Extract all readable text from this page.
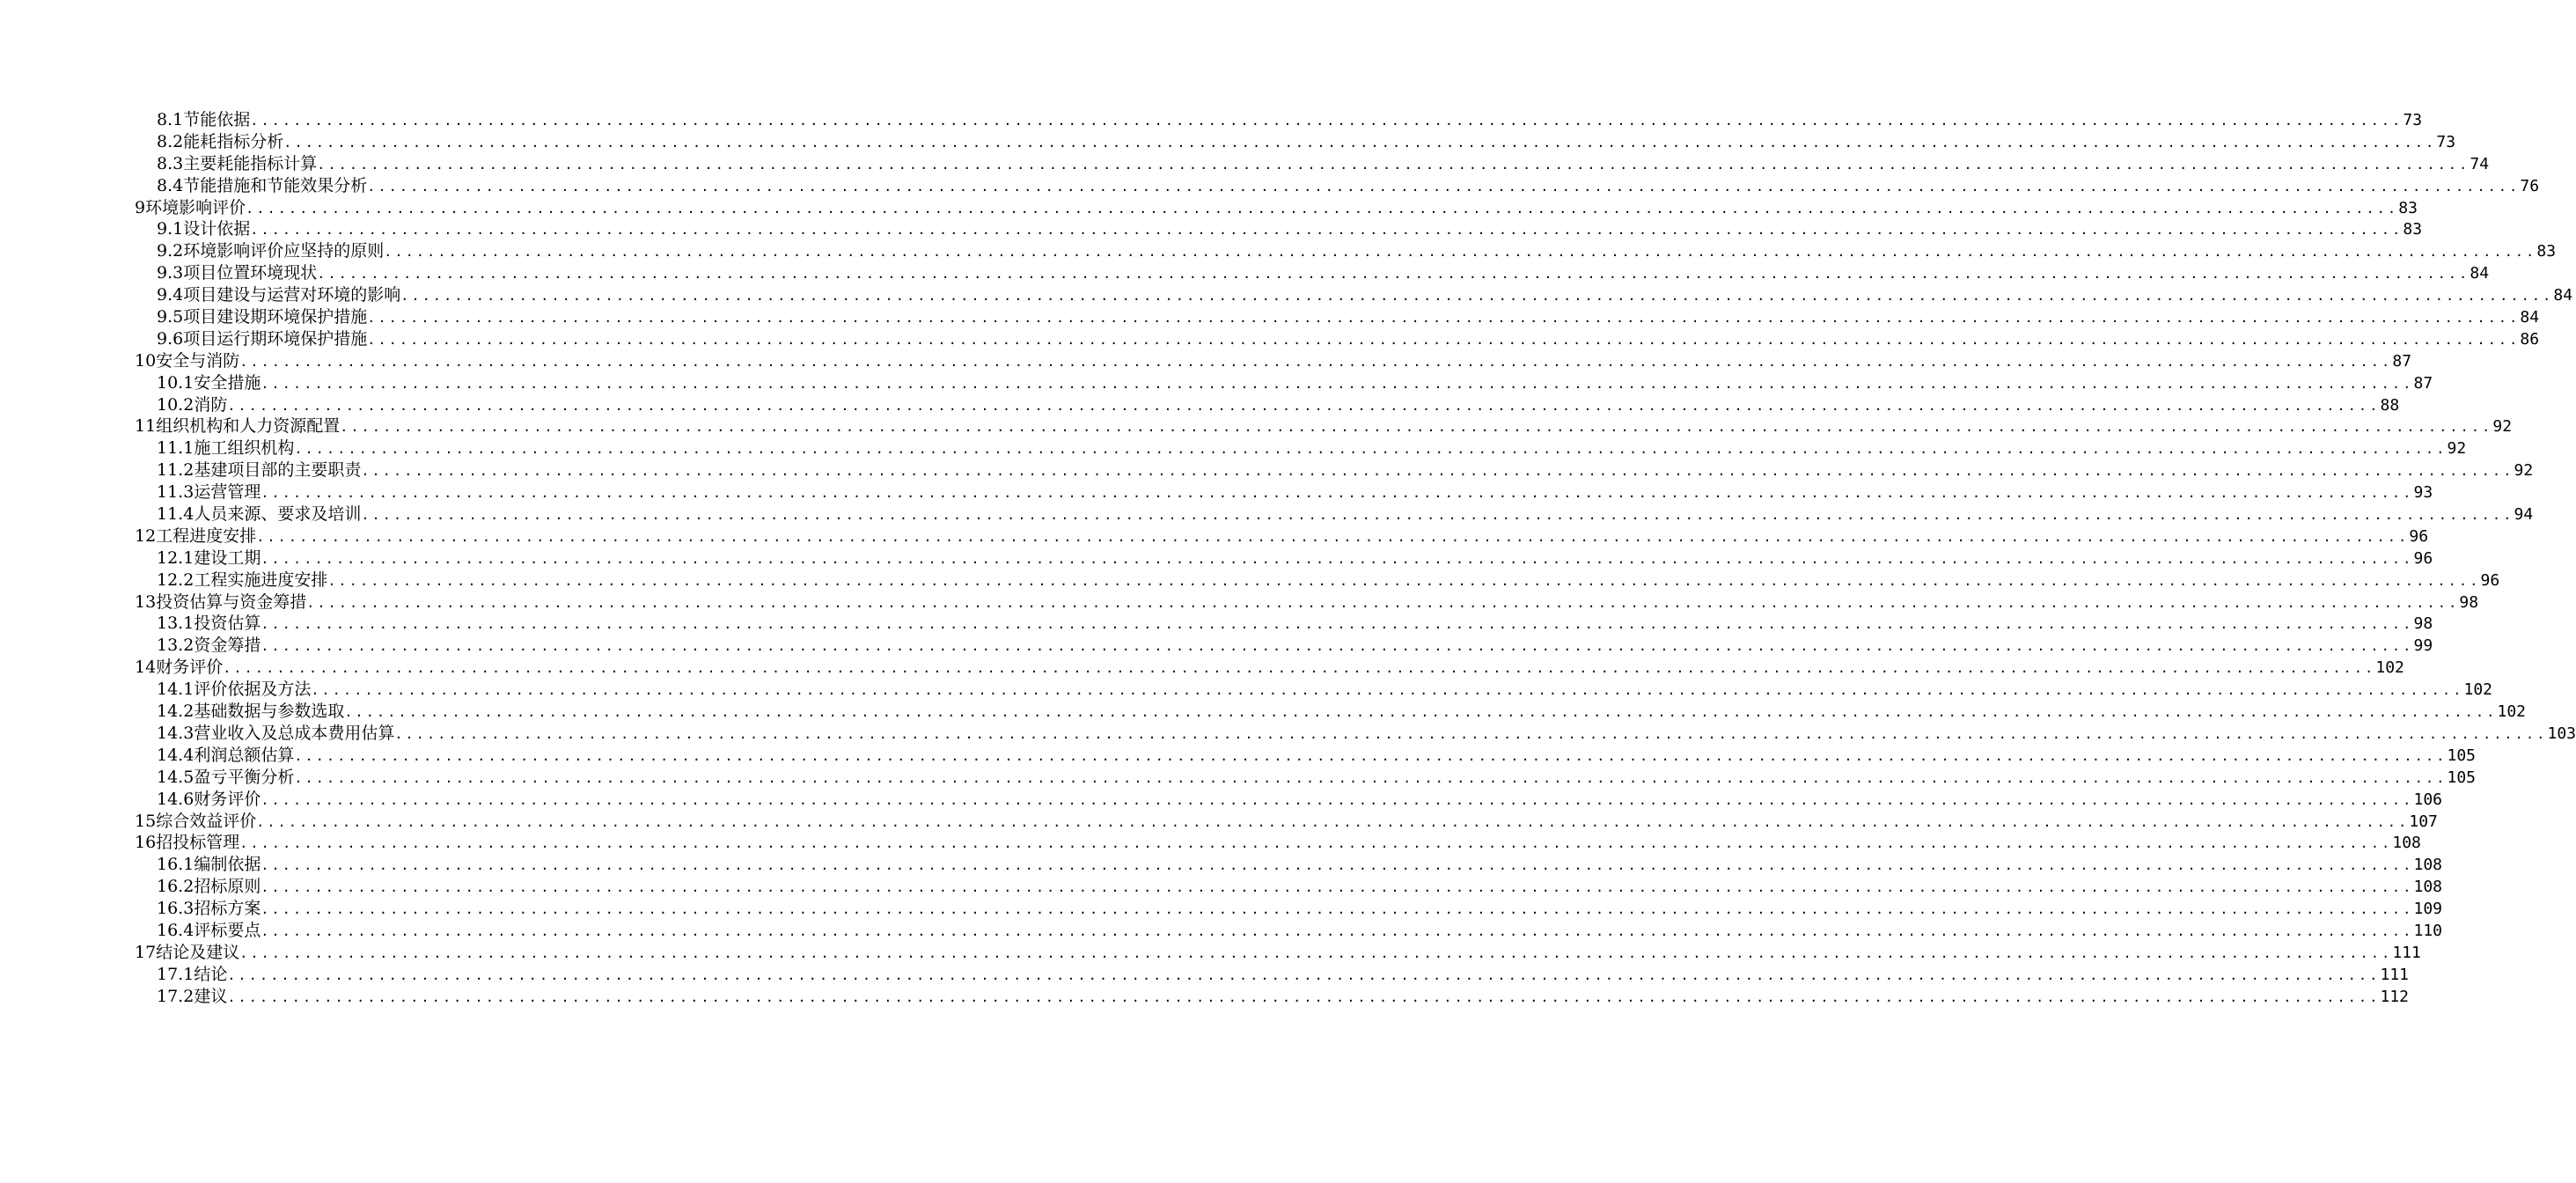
8.1 节能依据 ........................................................................................................................................................................................................ 73
8.2 能耗指标分析 ........................................................................................................................................................................................................ 73
8.3 主要耗能指标计算 ........................................................................................................................................................................................................ 74
8.4 节能措施和节能效果分析 ........................................................................................................................................................................................................ 76
9 环境影响评价 ........................................................................................................................................................................................................ 83
9.1 设计依据 ........................................................................................................................................................................................................ 83
9.2 环境影响评价应坚持的原则 ........................................................................................................................................................................................................ 83
9.3 项目位置环境现状 ........................................................................................................................................................................................................ 84
9.4 项目建设与运营对环境的影响 ........................................................................................................................................................................................................ 84
9.5 项目建设期环境保护措施 ........................................................................................................................................................................................................ 84
9.6 项目运行期环境保护措施 ........................................................................................................................................................................................................ 86
10 安全与消防 ........................................................................................................................................................................................................ 87
10.1 安全措施 ........................................................................................................................................................................................................ 87
10.2 消防 ........................................................................................................................................................................................................ 88
11 组织机构和人力资源配置 ........................................................................................................................................................................................................ 92
11.1 施工组织机构 ........................................................................................................................................................................................................ 92
11.2 基建项目部的主要职责 ........................................................................................................................................................................................................ 92
11.3 运营管理 ........................................................................................................................................................................................................ 93
11.4 人员来源、要求及培训 ........................................................................................................................................................................................................ 94
12 工程进度安排 ........................................................................................................................................................................................................ 96
12.1 建设工期 ........................................................................................................................................................................................................ 96
12.2 工程实施进度安排 ........................................................................................................................................................................................................ 96
13 投资估算与资金筹措 ........................................................................................................................................................................................................ 98
13.1 投资估算 ........................................................................................................................................................................................................ 98
13.2 资金筹措 ........................................................................................................................................................................................................ 99
14 财务评价 ........................................................................................................................................................................................................ 102
14.1 评价依据及方法 ........................................................................................................................................................................................................ 102
14.2 基础数据与参数选取 ........................................................................................................................................................................................................ 102
14.3 营业收入及总成本费用估算 ........................................................................................................................................................................................................ 103
14.4 利润总额估算 ........................................................................................................................................................................................................ 105
14.5 盈亏平衡分析 ........................................................................................................................................................................................................ 105
14.6 财务评价 ........................................................................................................................................................................................................ 106
15 综合效益评价 ........................................................................................................................................................................................................ 107
16 招投标管理 ........................................................................................................................................................................................................ 108
16.1 编制依据 ........................................................................................................................................................................................................ 108
16.2 招标原则 ........................................................................................................................................................................................................ 108
16.3 招标方案 ........................................................................................................................................................................................................ 109
16.4 评标要点 ........................................................................................................................................................................................................ 110
17 结论及建议 ........................................................................................................................................................................................................ 111
17.1 结论 ........................................................................................................................................................................................................ 111
17.2 建议 ........................................................................................................................................................................................................ 112
